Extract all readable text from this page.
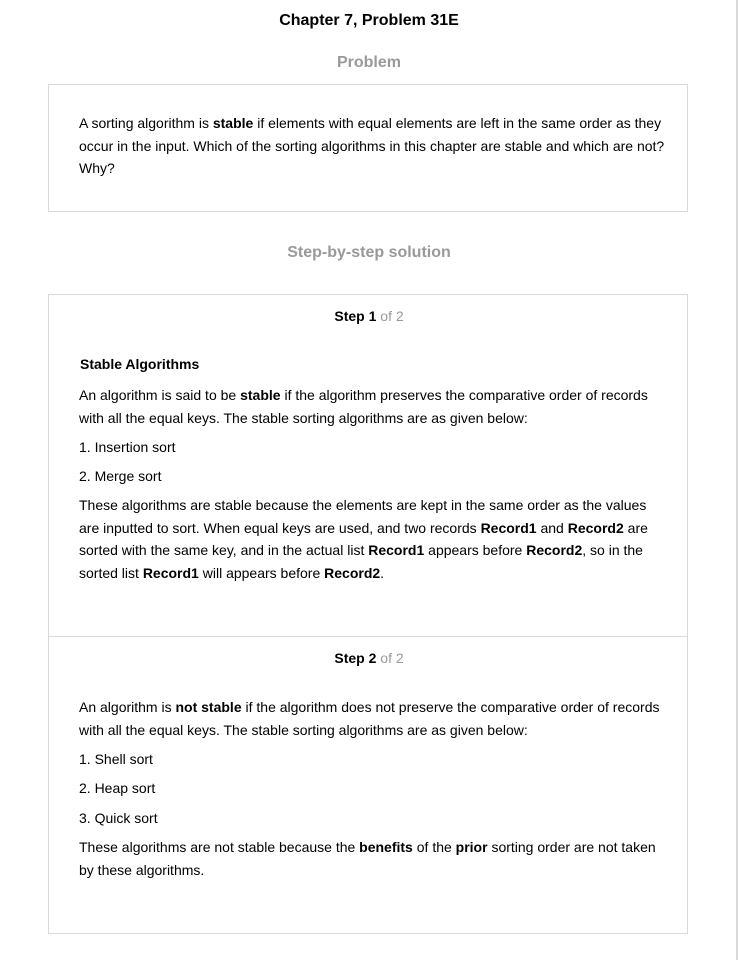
Chapter 7, Problem 31E
Problem

A sorting algorithm is stable if elements with equal elements are left in the same order as they occur in the input. Which of the sorting algorithms in this chapter are stable and which are not? Why?

Step-by-step solution
Step 1 of 2
Stable Algorithms

An algorithm is said to be stable if the algorithm preserves the comparative order of records with all the equal keys. The stable sorting algorithms are as given below:

1. Insertion sort

2. Merge sort

These algorithms are stable because the elements are kept in the same order as the values are inputted to sort. When equal keys are used, and two records Record1 and Record2 are sorted with the same key, and in the actual list Record1 appears before Record2, so in the sorted list Record1 will appears before Record2.

Step 2 of 2

An algorithm is not stable if the algorithm does not preserve the comparative order of records with all the equal keys. The stable sorting algorithms are as given below:

1. Shell sort

2. Heap sort

3. Quick sort

These algorithms are not stable because the benefits of the prior sorting order are not taken by these algorithms.
